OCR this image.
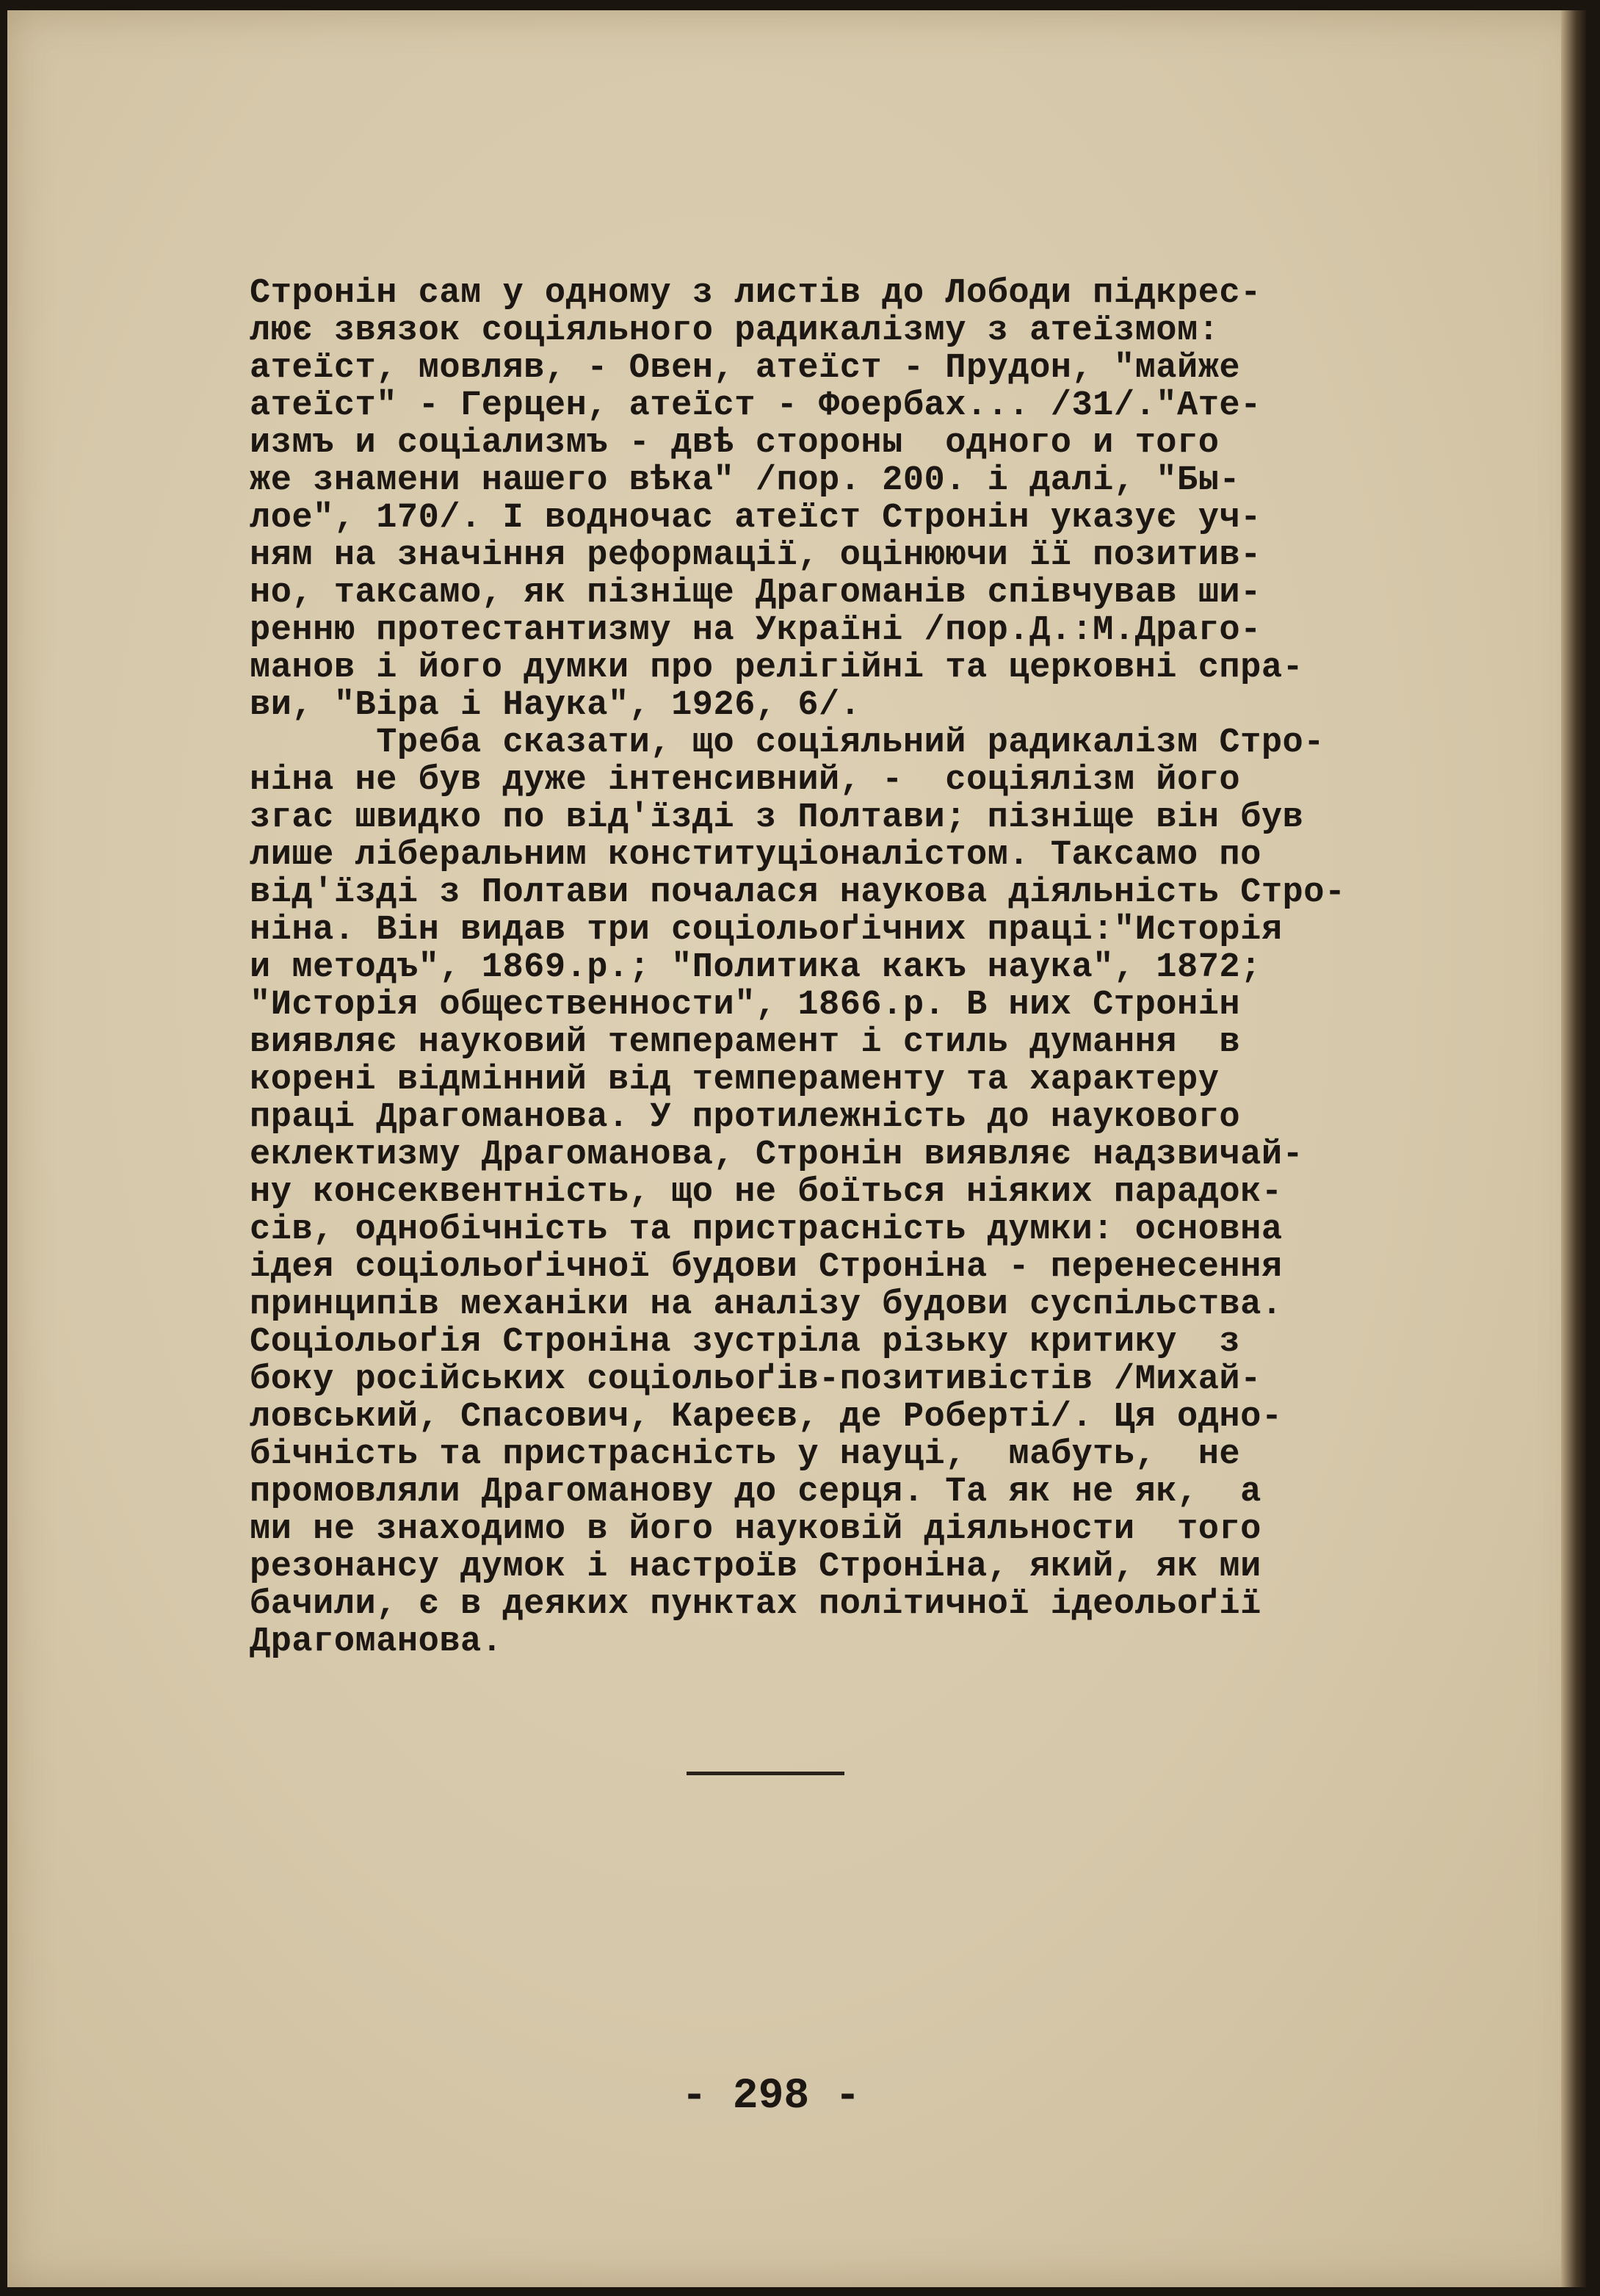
Стронін сам у одному з листів до Лободи підкрес-
лює звязок соціяльного радикалізму з атеїзмом:
атеїст, мовляв, - Овен, атеїст - Прудон, "майже
атеїст" - Герцен, атеїст - Фоербах... /31/."Ате-
измъ и соціализмъ - двѣ стороны  одного и того
же знамени нашего вѣка" /пор. 200. і далі, "Бы-
лое", 170/. І водночас атеїст Стронін указує уч-
ням на значіння реформації, оцінюючи її позитив-
но, таксамо, як пізніще Драгоманів співчував ши-
ренню протестантизму на Україні /пор.Д.:М.Драго-
манов і його думки про релігійні та церковні спра-
ви, "Віра і Наука", 1926, 6/.
Треба сказати, що соціяльний радикалізм Стро-
ніна не був дуже інтенсивний, -  соціялізм його
згас швидко по від'їзді з Полтави; пізніще він був
лише ліберальним конституціоналістом. Таксамо по
від'їзді з Полтави почалася наукова діяльність Стро-
ніна. Він видав три соціольоґічних праці:"Исторія
и методъ", 1869.р.; "Политика какъ наука", 1872;
"Исторія общественности", 1866.р. В них Стронін
виявляє науковий темперамент і стиль думання  в
корені відмінний від темпераменту та характеру
праці Драгоманова. У протилежність до наукового
еклектизму Драгоманова, Стронін виявляє надзвичай-
ну консеквентність, що не боїться ніяких парадок-
сів, однобічність та пристрасність думки: основна
ідея соціольоґічної будови Строніна - перенесення
принципів механіки на аналізу будови суспільства.
Соціольоґія Строніна зустріла різьку критику  з
боку російських соціольоґів-позитивістів /Михай-
ловський, Спасович, Кареєв, де Роберті/. Ця одно-
бічність та пристрасність у науці,  мабуть,  не
промовляли Драгоманову до серця. Та як не як,  а
ми не знаходимо в його науковій діяльности  того
резонансу думок і настроїв Строніна, який, як ми
бачили, є в деяких пунктах політичної ідеольоґії
Драгоманова.
- 298 -
